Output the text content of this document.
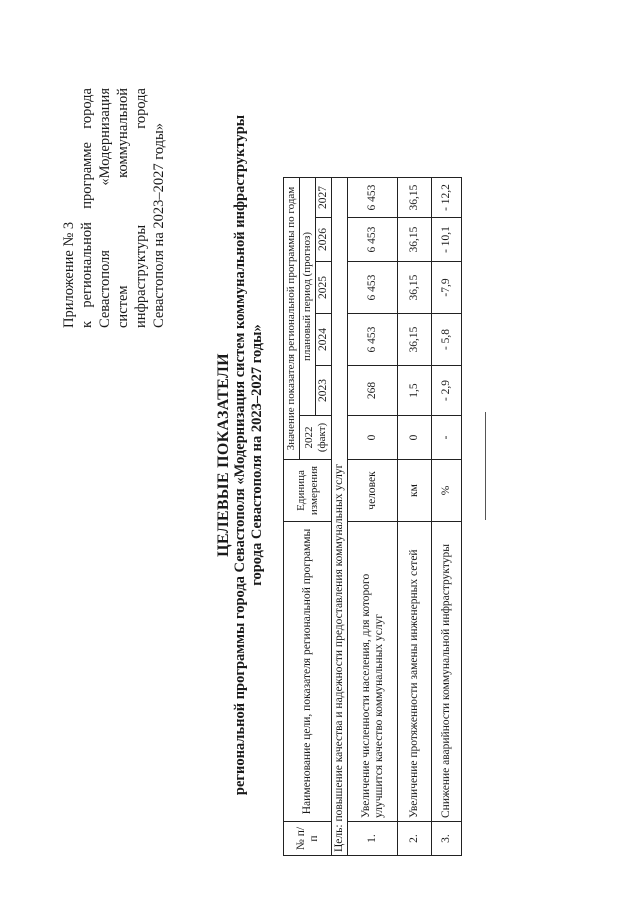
Приложение № 3 к
региональной
программе
города
Севастополя
«Модернизация
систем
коммунальной
инфраструктуры
города
Севастополя на 2023–2027 годы»
ЦЕЛЕВЫЕ ПОКАЗАТЕЛИ региональной программы города Севастополя «Модернизация систем коммунальной инфраструктуры города Севастополя на 2023–2027 годы»
№ п/п	Наименование цели, показателя региональной программы	Единица измерения	Значение показателя региональной программы по годам					
			2022 (факт)	плановый период (прогноз)				
				2023	2024	2025	2026	2027
Цель: повышение качества и надежности предоставления коммунальных услуг								
1.	Увеличение численности населения, для которого улучшится качество коммунальных услуг	человек	0	268	6 453	6 453	6 453	6 453
2.	Увеличение протяженности замены инженерных сетей	км	0	1,5	36,15	36,15	36,15	36,15
3.	Снижение аварийности коммунальной инфраструктуры	%	-	- 2,9	- 5,8	-7,9	- 10,1	- 12,2
